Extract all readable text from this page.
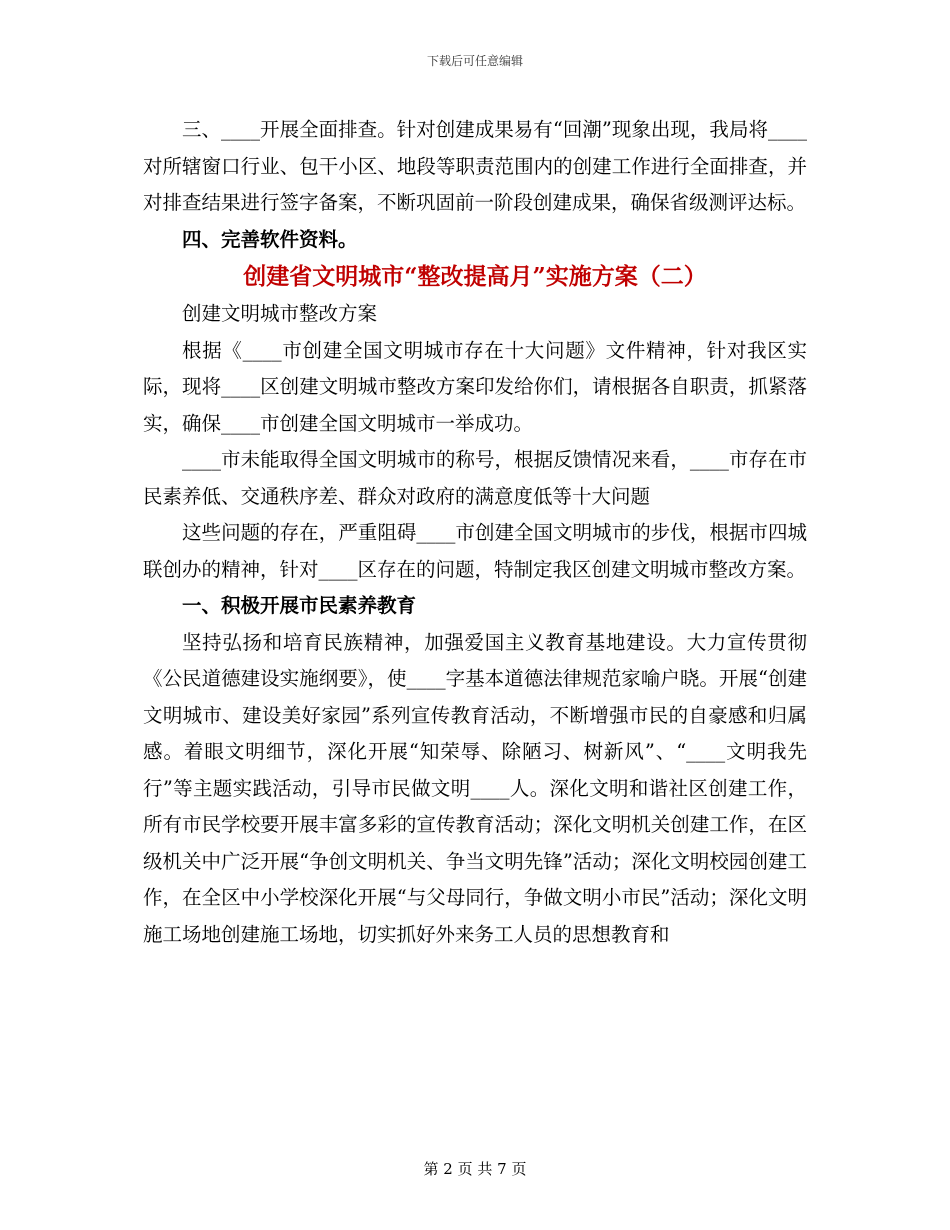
下载后可任意编辑

三、____开展全面排查。针对创建成果易有“回潮”现象出现，我局将____对所辖窗口行业、包干小区、地段等职责范围内的创建工作进行全面排查，并对排查结果进行签字备案，不断巩固前一阶段创建成果，确保省级测评达标。

四、完善软件资料。

创建省文明城市“整改提高月”实施方案（二）

创建文明城市整改方案

根据《____市创建全国文明城市存在十大问题》文件精神，针对我区实际，现将____区创建文明城市整改方案印发给你们，请根据各自职责，抓紧落实，确保____市创建全国文明城市一举成功。

____市未能取得全国文明城市的称号，根据反馈情况来看，____市存在市民素养低、交通秩序差、群众对政府的满意度低等十大问题

这些问题的存在，严重阻碍____市创建全国文明城市的步伐，根据市四城联创办的精神，针对____区存在的问题，特制定我区创建文明城市整改方案。

一、积极开展市民素养教育

坚持弘扬和培育民族精神，加强爱国主义教育基地建设。大力宣传贯彻《公民道德建设实施纲要》，使____字基本道德法律规范家喻户晓。开展“创建文明城市、建设美好家园”系列宣传教育活动，不断增强市民的自豪感和归属感。着眼文明细节，深化开展“知荣辱、除陋习、树新风”、“____文明我先行”等主题实践活动，引导市民做文明____人。深化文明和谐社区创建工作，所有市民学校要开展丰富多彩的宣传教育活动；深化文明机关创建工作，在区级机关中广泛开展“争创文明机关、争当文明先锋”活动；深化文明校园创建工作，在全区中小学校深化开展“与父母同行，争做文明小市民”活动；深化文明施工场地创建施工场地，切实抓好外来务工人员的思想教育和

第 2 页 共 7 页
